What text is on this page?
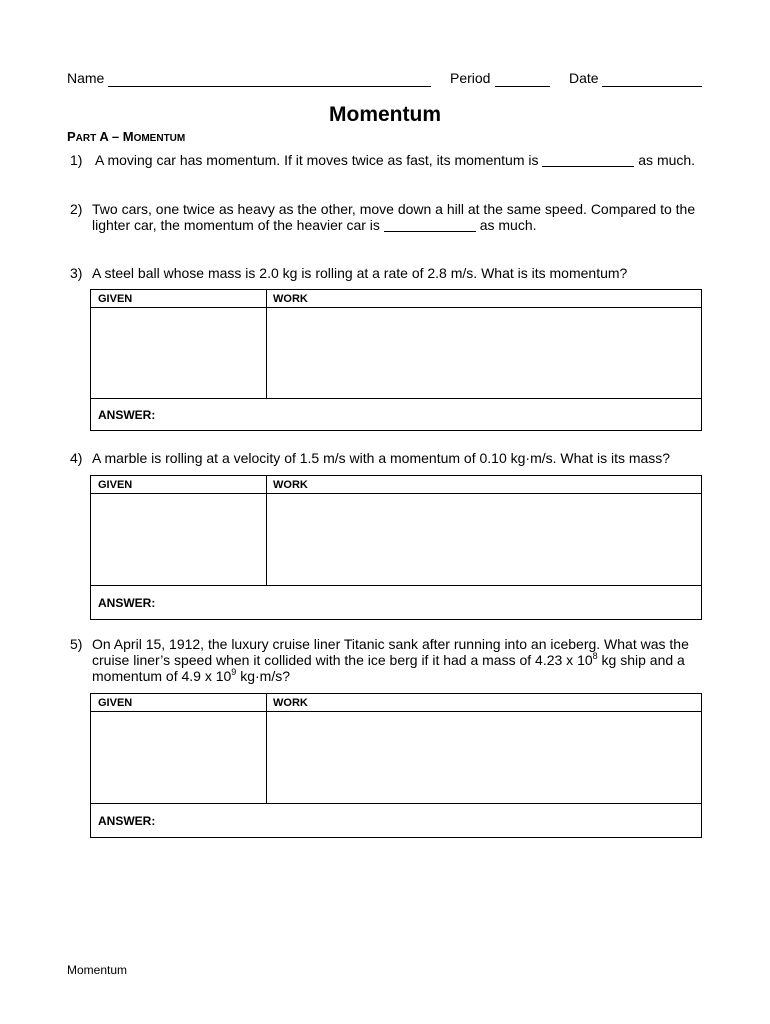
Name	Period	Date
Momentum
PART A – MOMENTUM
1) A moving car has momentum. If it moves twice as fast, its momentum is	as much.
2) Two cars, one twice as heavy as the other, move down a hill at the same speed. Compared to the
lighter car, the momentum of the heavier car is	as much.
3) A steel ball whose mass is 2.0 kg is rolling at a rate of 2.8 m/s. What is its momentum?
GIVEN	WORK
ANSWER:
4) A marble is rolling at a velocity of 1.5 m/s with a momentum of 0.10 kg·m/s. What is its mass?
GIVEN	WORK
ANSWER:
5) On April 15, 1912, the luxury cruise liner Titanic sank after running into an iceberg. What was the
cruise liner’s speed when it collided with the ice berg if it had a mass of 4.23 x $10^8$ kg ship and a
momentum of 4.9 x $10^9$ kg·m/s?
GIVEN	WORK
ANSWER:
Momentum
